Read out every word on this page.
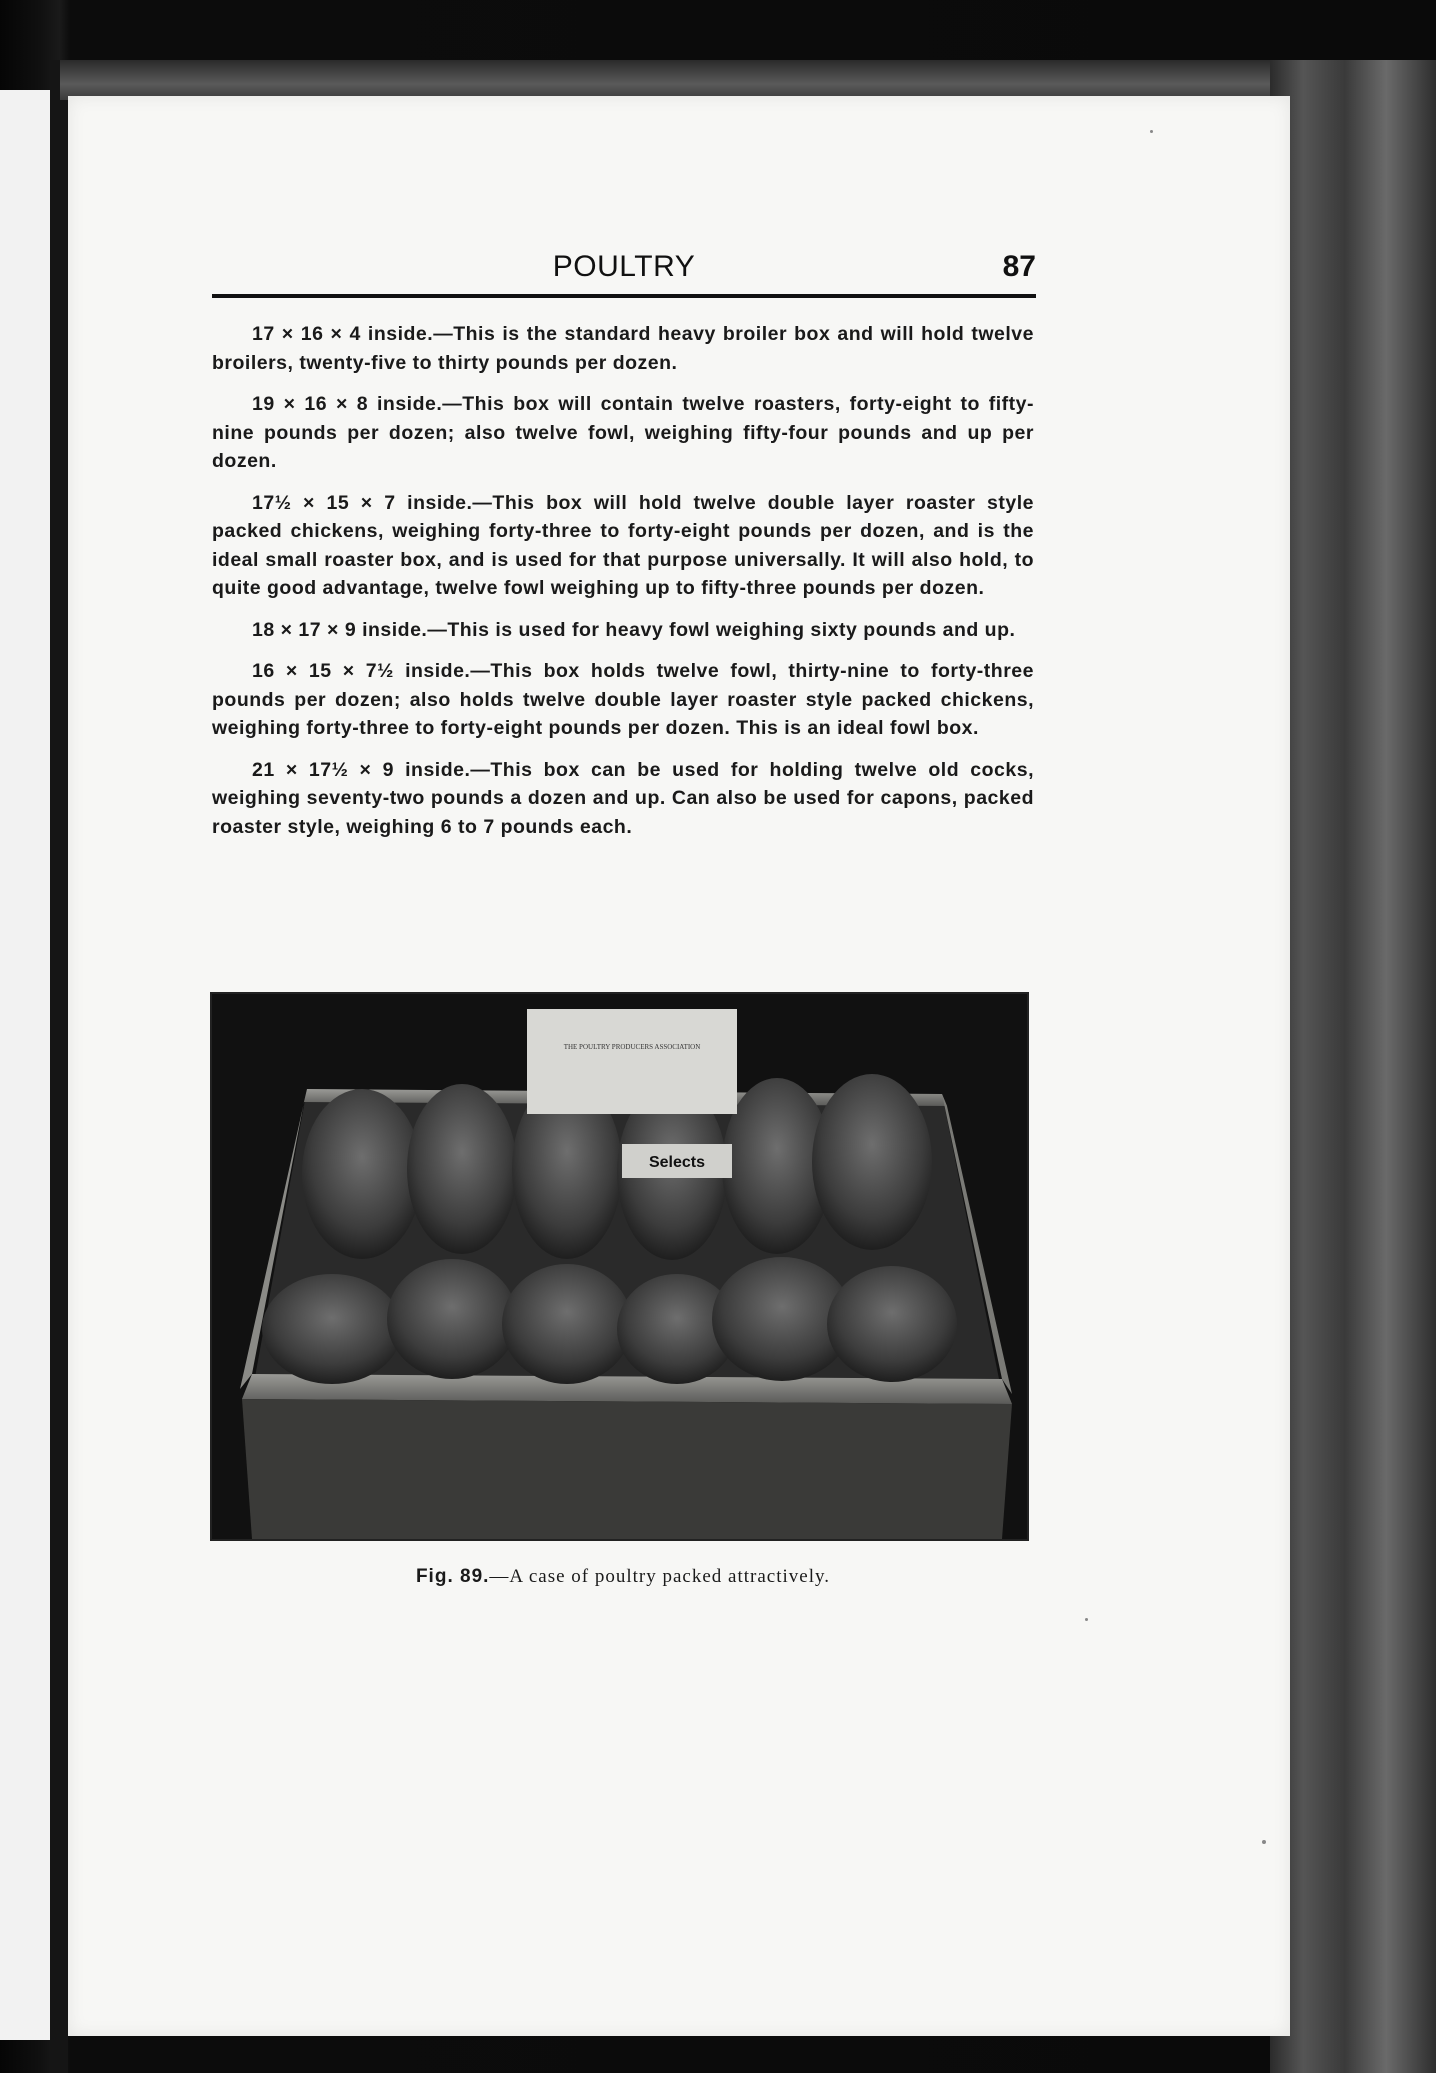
POULTRY	87

17 × 16 × 4 inside.—This is the standard heavy broiler box and will hold twelve broilers, twenty-five to thirty pounds per dozen.

19 × 16 × 8 inside.—This box will contain twelve roasters, forty-eight to fifty-nine pounds per dozen; also twelve fowl, weighing fifty-four pounds and up per dozen.

17½ × 15 × 7 inside.—This box will hold twelve double layer roaster style packed chickens, weighing forty-three to forty-eight pounds per dozen, and is the ideal small roaster box, and is used for that purpose universally. It will also hold, to quite good advantage, twelve fowl weighing up to fifty-three pounds per dozen.

18 × 17 × 9 inside.—This is used for heavy fowl weighing sixty pounds and up.

16 × 15 × 7½ inside.—This box holds twelve fowl, thirty-nine to forty-three pounds per dozen; also holds twelve double layer roaster style packed chickens, weighing forty-three to forty-eight pounds per dozen. This is an ideal fowl box.

21 × 17½ × 9 inside.—This box can be used for holding twelve old cocks, weighing seventy-two pounds a dozen and up. Can also be used for capons, packed roaster style, weighing 6 to 7 pounds each.

THE POULTRY PRODUCERS ASSOCIATION
Selects
Fig. 89.—A case of poultry packed attractively.
